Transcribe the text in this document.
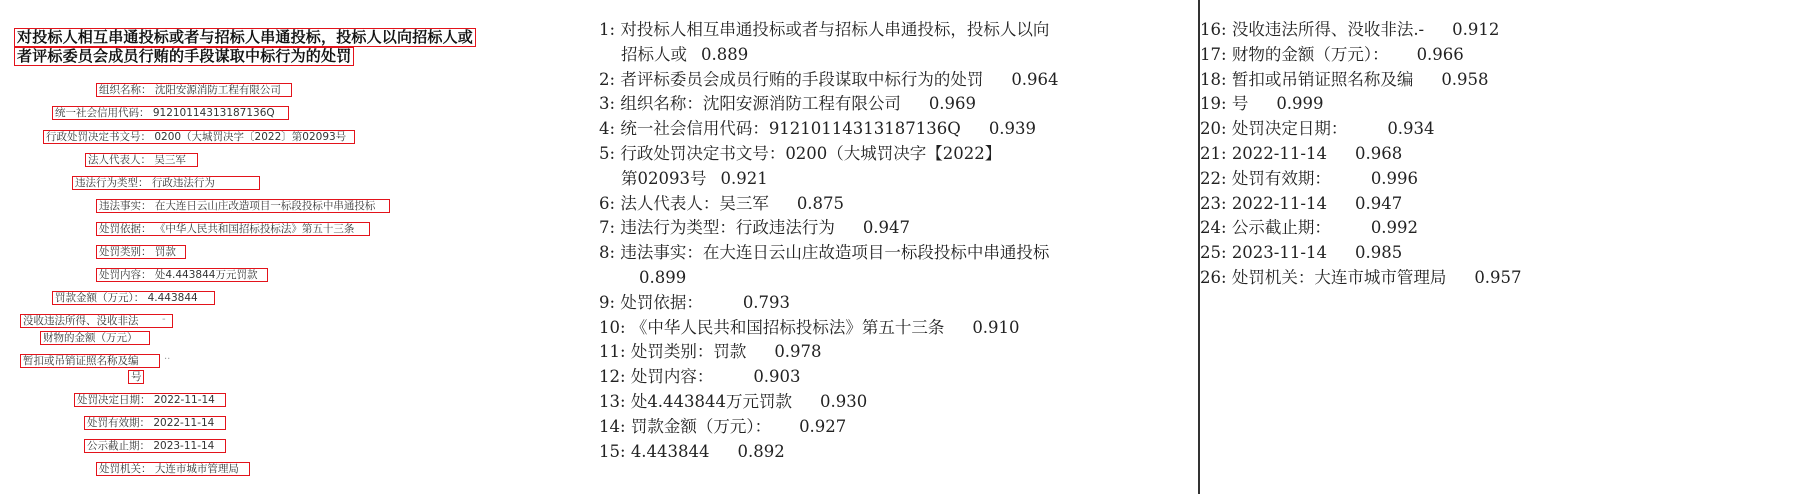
对投标人相互串通投标或者与招标人串通投标，投标人以向招标人或
者评标委员会成员行贿的手段谋取中标行为的处罚
组织名称： 沈阳安源消防工程有限公司
统一社会信用代码： 91210114313187136Q
行政处罚决定书文号： 0200（大城罚决字〔2022〕第02093号
法人代表人： 吴三军
违法行为类型： 行政违法行为
违法事实： 在大连日云山庄改造项目一标段投标中串通投标
处罚依据： 《中华人民共和国招标投标法》第五十三条
处罚类别： 罚款
处罚内容： 处4.443844万元罚款
罚款金额（万元）： 4.443844
没收违法所得、没收非法
财物的金额（万元）
暂扣或吊销证照名称及编
号
处罚决定日期： 2022-11-14
处罚有效期： 2022-11-14
公示截止期： 2023-11-14
处罚机关： 大连市城市管理局
-
··
1: 对投标人相互串通投标或者与招标人串通投标，投标人以向
招标人或 0.889
2: 者评标委员会成员行贿的手段谋取中标行为的处罚 0.964
3: 组织名称：沈阳安源消防工程有限公司 0.969
4: 统一社会信用代码：91210114313187136Q 0.939
5: 行政处罚决定书文号：0200（大城罚决字【2022】
第02093号 0.921
6: 法人代表人：吴三军 0.875
7: 违法行为类型：行政违法行为 0.947
8: 违法事实：在大连日云山庄故造项目一标段投标中串通投标
0.899
9: 处罚依据： 0.793
10: 《中华人民共和国招标投标法》第五十三条 0.910
11: 处罚类别：罚款 0.978
12: 处罚内容： 0.903
13: 处4.443844万元罚款 0.930
14: 罚款金额（万元）： 0.927
15: 4.443844 0.892
16: 没收违法所得、没收非法.- 0.912
17: 财物的金额（万元）： 0.966
18: 暂扣或吊销证照名称及编 0.958
19: 号 0.999
20: 处罚决定日期： 0.934
21: 2022-11-14 0.968
22: 处罚有效期： 0.996
23: 2022-11-14 0.947
24: 公示截止期： 0.992
25: 2023-11-14 0.985
26: 处罚机关：大连市城市管理局 0.957
